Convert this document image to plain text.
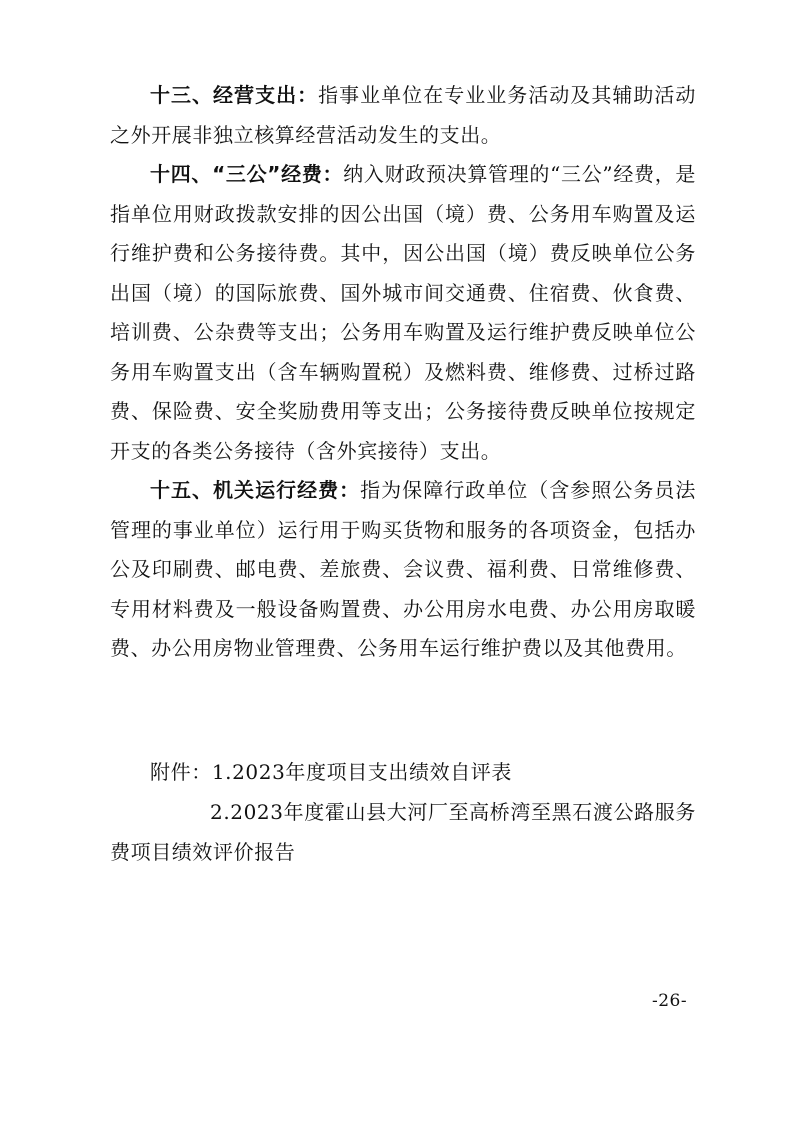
十三、经营支出：指事业单位在专业业务活动及其辅助活动之外开展非独立核算经营活动发生的支出。

十四、“三公”经费：纳入财政预决算管理的“三公”经费，是指单位用财政拨款安排的因公出国（境）费、公务用车购置及运行维护费和公务接待费。其中，因公出国（境）费反映单位公务出国（境）的国际旅费、国外城市间交通费、住宿费、伙食费、培训费、公杂费等支出；公务用车购置及运行维护费反映单位公务用车购置支出（含车辆购置税）及燃料费、维修费、过桥过路费、保险费、安全奖励费用等支出；公务接待费反映单位按规定开支的各类公务接待（含外宾接待）支出。

十五、机关运行经费：指为保障行政单位（含参照公务员法管理的事业单位）运行用于购买货物和服务的各项资金，包括办公及印刷费、邮电费、差旅费、会议费、福利费、日常维修费、专用材料费及一般设备购置费、办公用房水电费、办公用房取暖费、办公用房物业管理费、公务用车运行维护费以及其他费用。

附件：1.2023年度项目支出绩效自评表

2.2023年度霍山县大河厂至高桥湾至黑石渡公路服务费项目绩效评价报告

-26-
